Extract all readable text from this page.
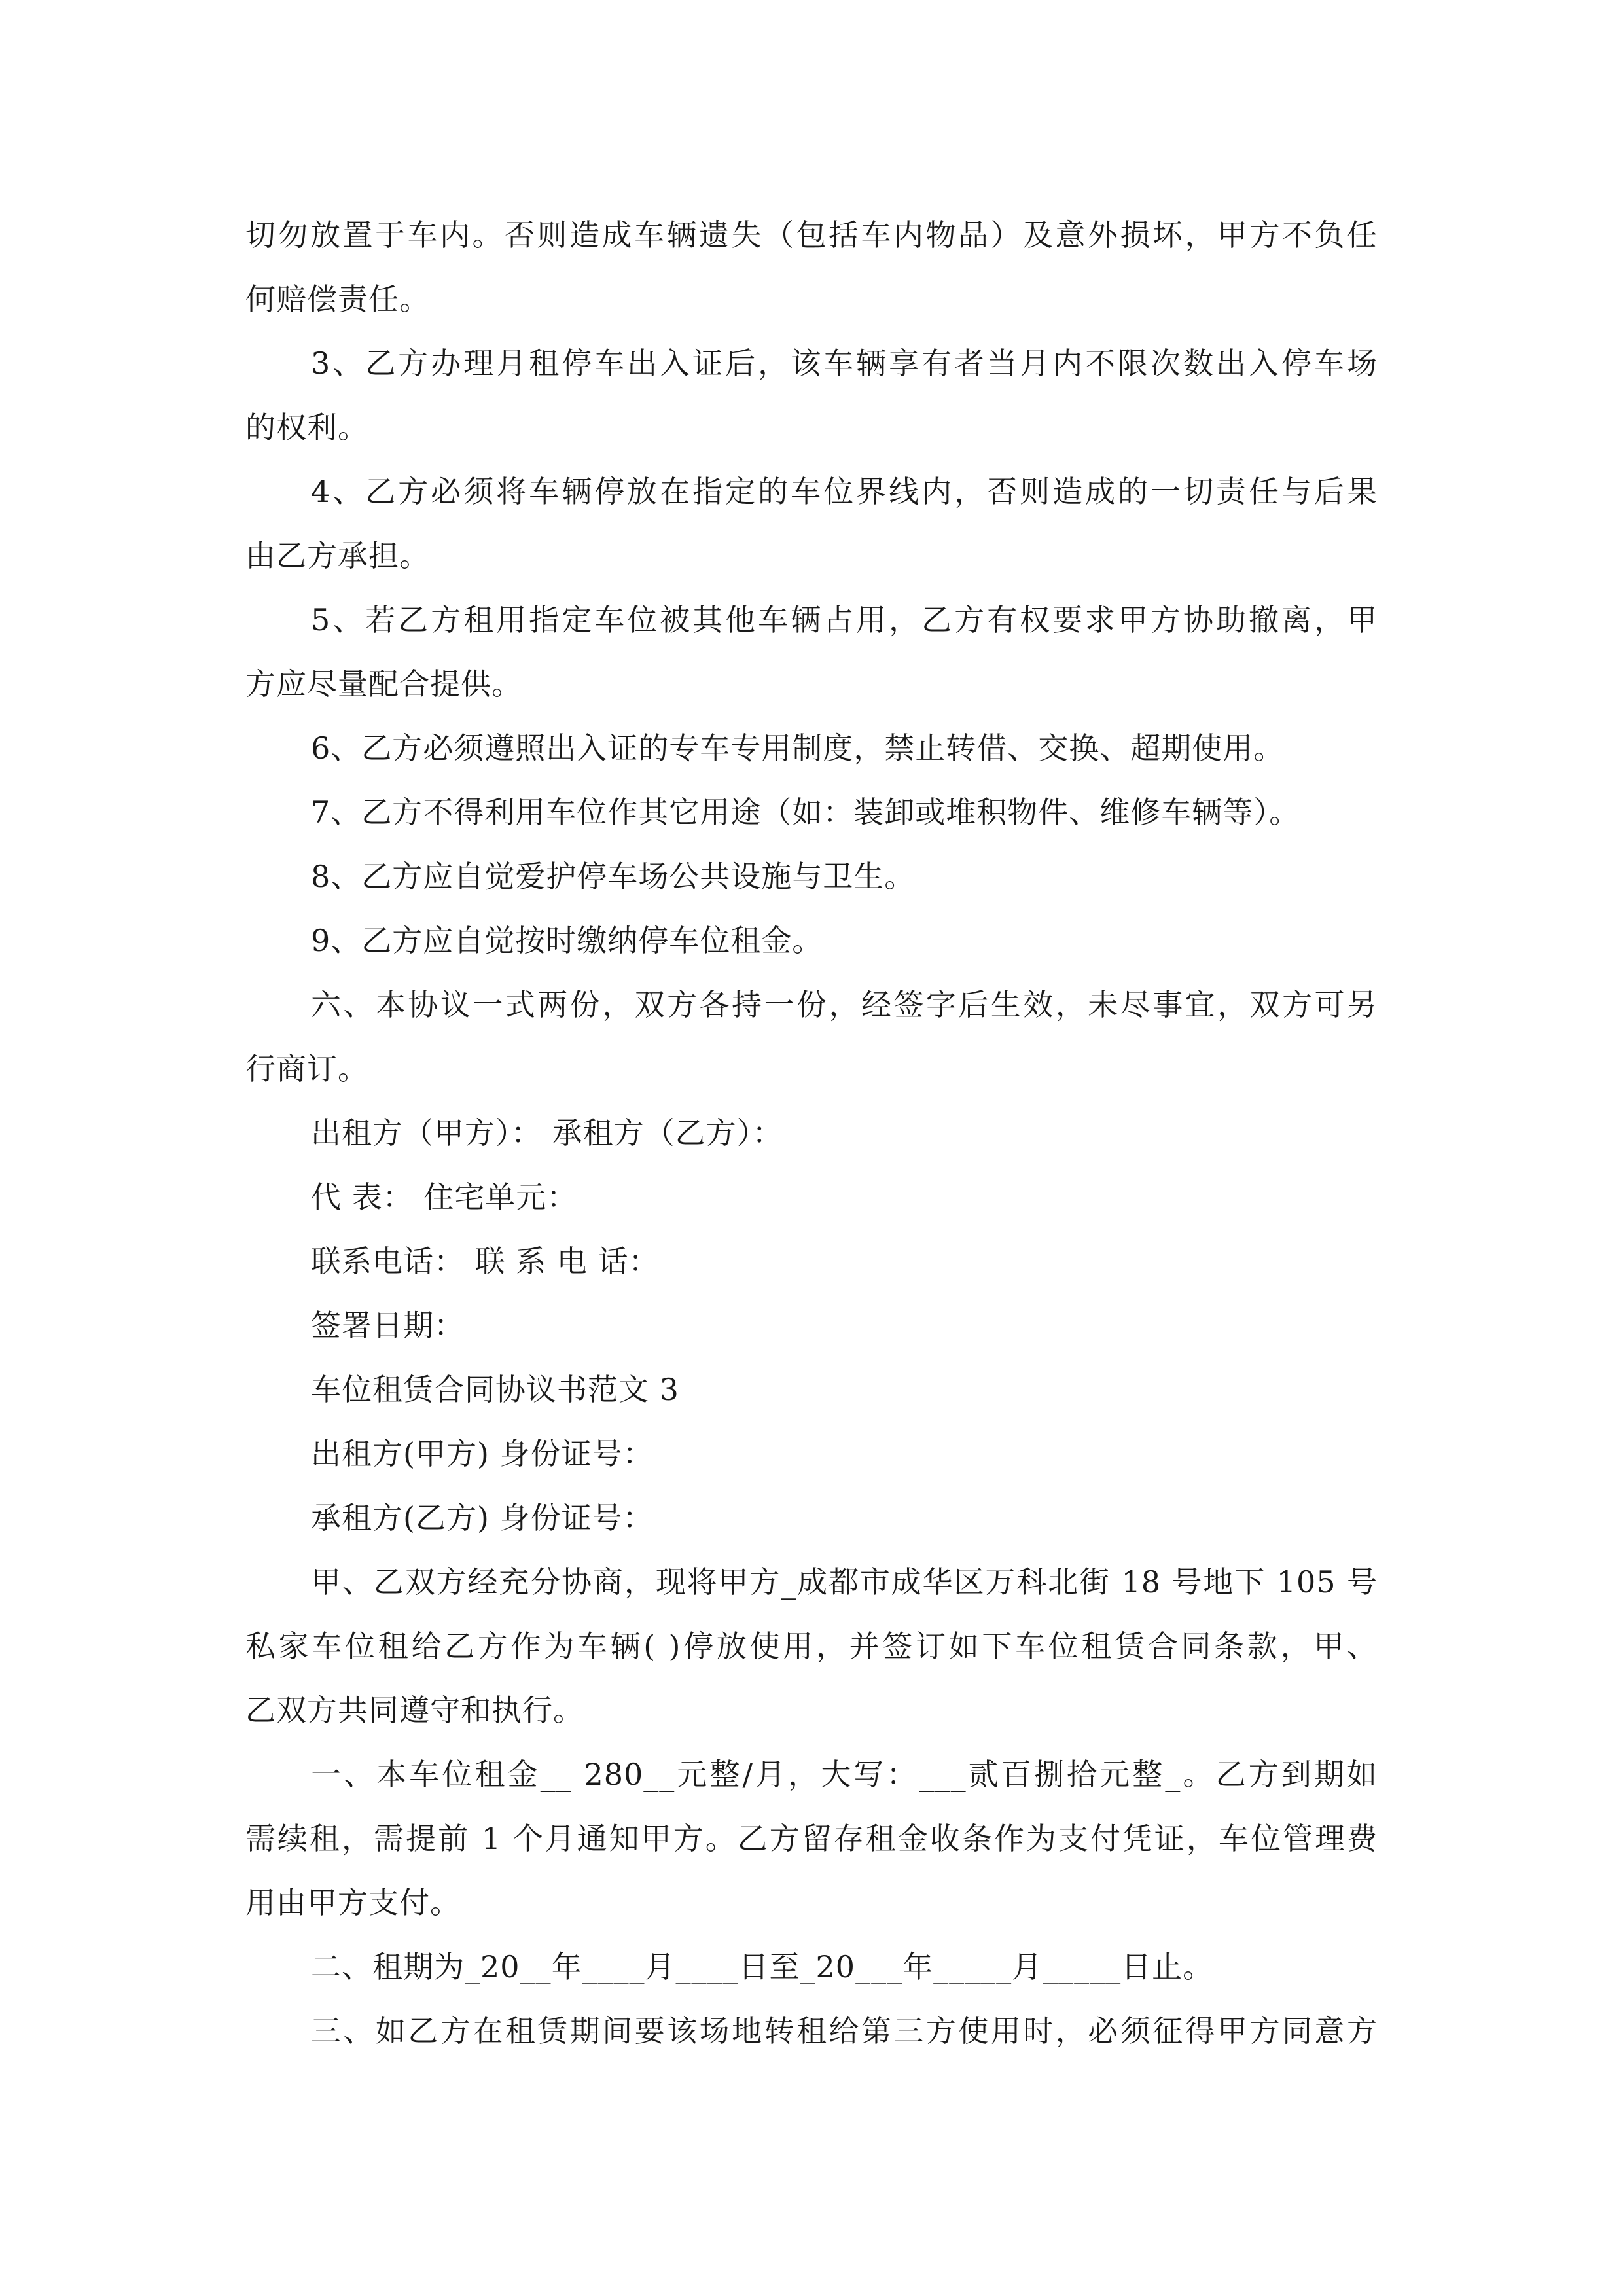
切勿放置于车内。否则造成车辆遗失（包括车内物品）及意外损坏，甲方不负任
何赔偿责任。
3、乙方办理月租停车出入证后，该车辆享有者当月内不限次数出入停车场
的权利。
4、乙方必须将车辆停放在指定的车位界线内，否则造成的一切责任与后果
由乙方承担。
5、若乙方租用指定车位被其他车辆占用，乙方有权要求甲方协助撤离，甲
方应尽量配合提供。
6、乙方必须遵照出入证的专车专用制度，禁止转借、交换、超期使用。
7、乙方不得利用车位作其它用途（如：装卸或堆积物件、维修车辆等）。
8、乙方应自觉爱护停车场公共设施与卫生。
9、乙方应自觉按时缴纳停车位租金。
六、本协议一式两份，双方各持一份，经签字后生效，未尽事宜，双方可另
行商订。
出租方（甲方）： 承租方（乙方）：
代 表： 住宅单元：
联系电话： 联 系 电 话：
签署日期：
车位租赁合同协议书范文 3
出租方(甲方) 身份证号：
承租方(乙方) 身份证号：
甲、乙双方经充分协商，现将甲方_成都市成华区万科北街 18 号地下 105 号
私家车位租给乙方作为车辆( )停放使用，并签订如下车位租赁合同条款，甲、
乙双方共同遵守和执行。
一、本车位租金__ 280__元整/月，大写：___贰百捌拾元整_。乙方到期如
需续租，需提前 1 个月通知甲方。乙方留存租金收条作为支付凭证，车位管理费
用由甲方支付。
二、租期为_20__年____月____日至_20___年_____月_____日止。
三、如乙方在租赁期间要该场地转租给第三方使用时，必须征得甲方同意方
